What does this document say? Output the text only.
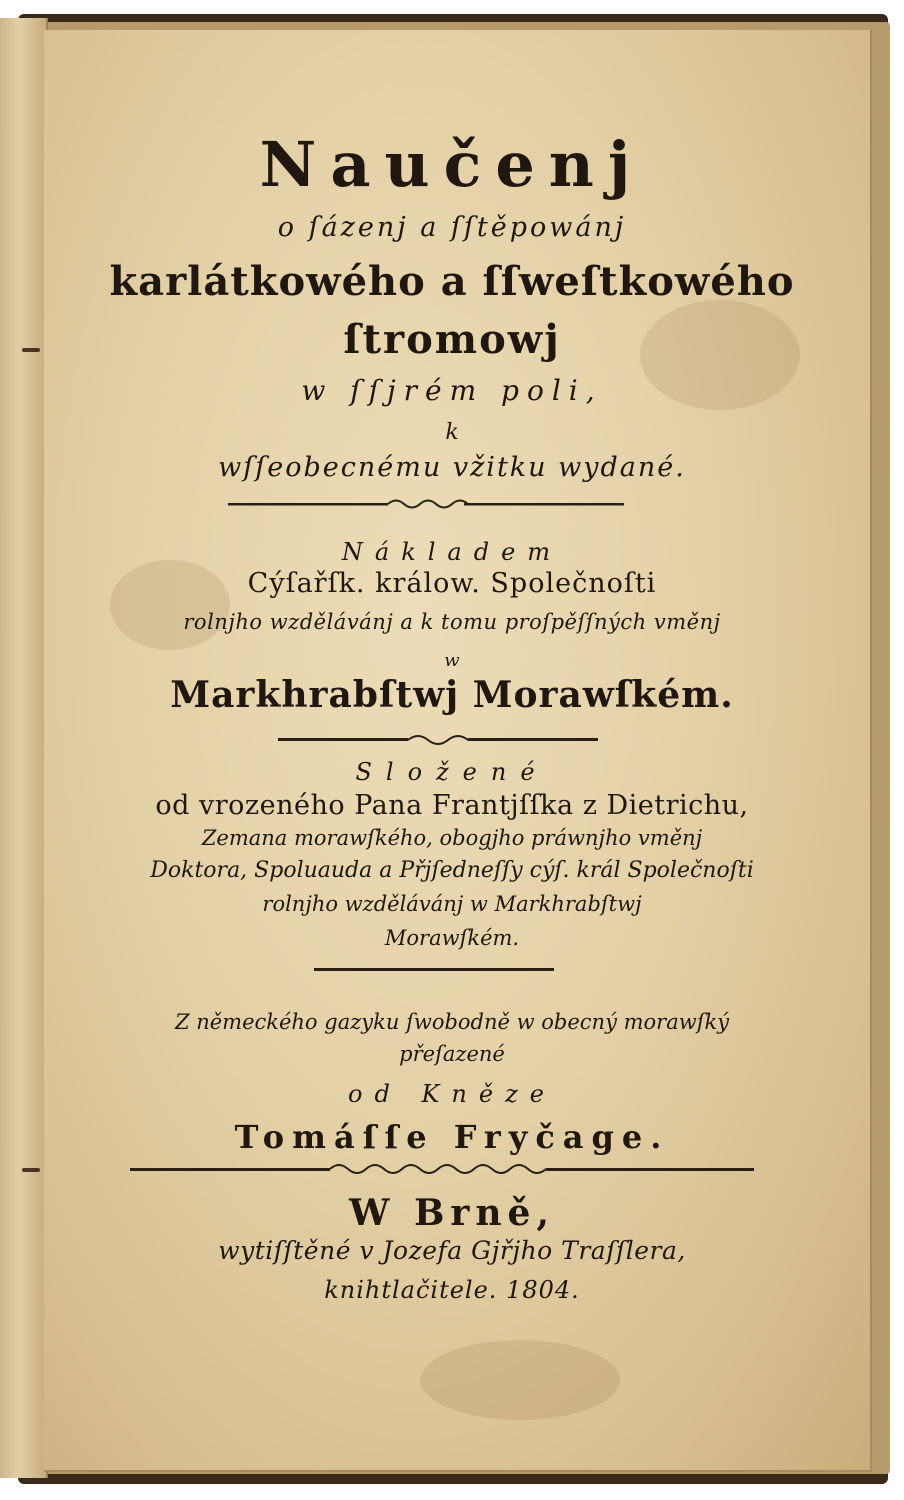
Naučenj
o ſázenj a ſſtěpowánj
karlátkowého a ſſweſtkowého
ſtromowj
w ſſjrém poli,
k
wſſeobecnému vžitku wydané.
Nákladem
Cýſařſk. králow. Společnoſti
rolnjho wzdělávánj a k tomu proſpěſſných vměnj
w
Markhrabſtwj Morawſkém.
Složené
od vrozeného Pana Frantjſſka z Dietrichu,
Zemana morawſkého, obogjho práwnjho vměnj
Doktora, Spoluauda a Přjſedneſſy cýſ. král Společnoſti
rolnjho wzdělávánj w Markhrabſtwj
Morawſkém.
Z německého gazyku ſwobodně w obecný morawſký
přeſazené
od Kněze
Tomáſſe Fryčage.
W Brně,
wytiſſtěné v Jozefa Gjřjho Traſſlera,
knihtlačitele. 1804.
